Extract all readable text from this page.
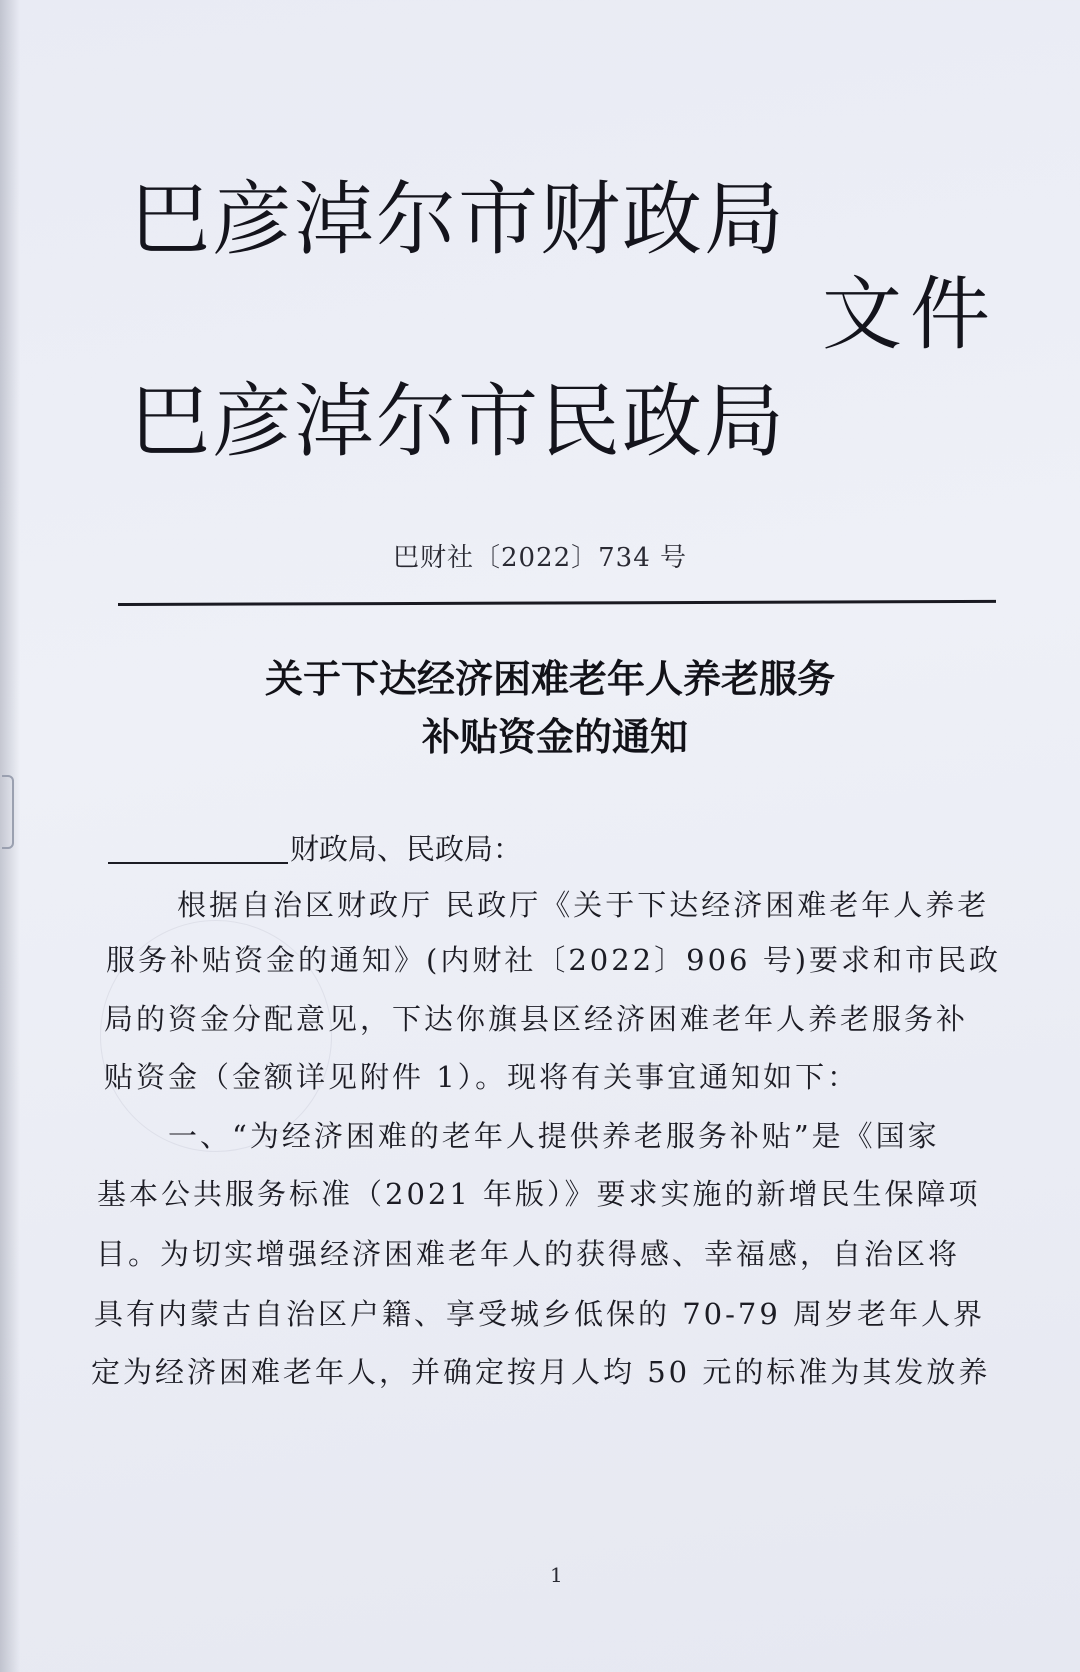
巴彦淖尔市财政局
文件
巴彦淖尔市民政局
巴财社〔2022〕734 号
关于下达经济困难老年人养老服务
补贴资金的通知
财政局、民政局：
根据自治区财政厅 民政厅《关于下达经济困难老年人养老
服务补贴资金的通知》(内财社〔2022〕906 号)要求和市民政
局的资金分配意见，下达你旗县区经济困难老年人养老服务补
贴资金（金额详见附件 1）。现将有关事宜通知如下：
一、“为经济困难的老年人提供养老服务补贴”是《国家
基本公共服务标准（2021 年版）》要求实施的新增民生保障项
目。为切实增强经济困难老年人的获得感、幸福感，自治区将
具有内蒙古自治区户籍、享受城乡低保的 70-79 周岁老年人界
定为经济困难老年人，并确定按月人均 50 元的标准为其发放养
1
